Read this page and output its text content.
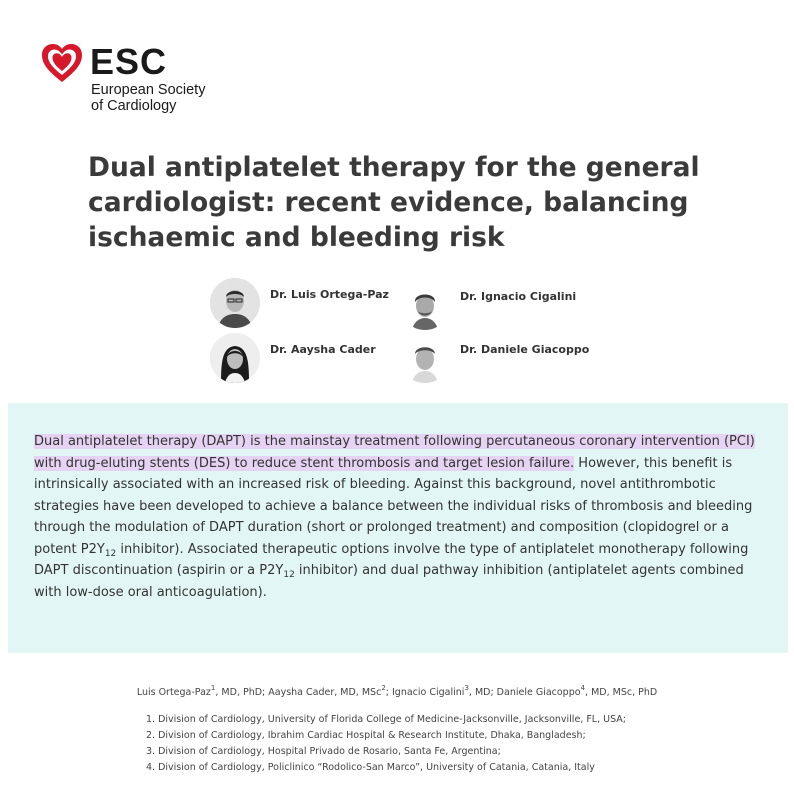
ESC
European Society
of Cardiology
Dual antiplatelet therapy for the general cardiologist: recent evidence, balancing ischaemic and bleeding risk
Dr. Luis Ortega-Paz	Dr. Ignacio Cigalini
Dr. Aaysha Cader	Dr. Daniele Giacoppo

Dual antiplatelet therapy (DAPT) is the mainstay treatment following percutaneous coronary intervention (PCI) with drug-eluting stents (DES) to reduce stent thrombosis and target lesion failure. However, this benefit is intrinsically associated with an increased risk of bleeding. Against this background, novel antithrombotic strategies have been developed to achieve a balance between the individual risks of thrombosis and bleeding through the modulation of DAPT duration (short or prolonged treatment) and composition (clopidogrel or a potent $P2Y_{12}$ inhibitor). Associated therapeutic options involve the type of antiplatelet monotherapy following DAPT discontinuation (aspirin or a $P2Y_{12}$ inhibitor) and dual pathway inhibition (antiplatelet agents combined with low-dose oral anticoagulation).

Luis Ortega-Paz$^1$, MD, PhD; Aaysha Cader, MD, MSc$^2$; Ignacio Cigalini$^3$, MD; Daniele Giacoppo$^4$, MD, MSc, PhD
1. Division of Cardiology, University of Florida College of Medicine-Jacksonville, Jacksonville, FL, USA;
2. Division of Cardiology, Ibrahim Cardiac Hospital & Research Institute, Dhaka, Bangladesh;
3. Division of Cardiology, Hospital Privado de Rosario, Santa Fe, Argentina;
4. Division of Cardiology, Policlinico “Rodolico-San Marco”, University of Catania, Catania, Italy
